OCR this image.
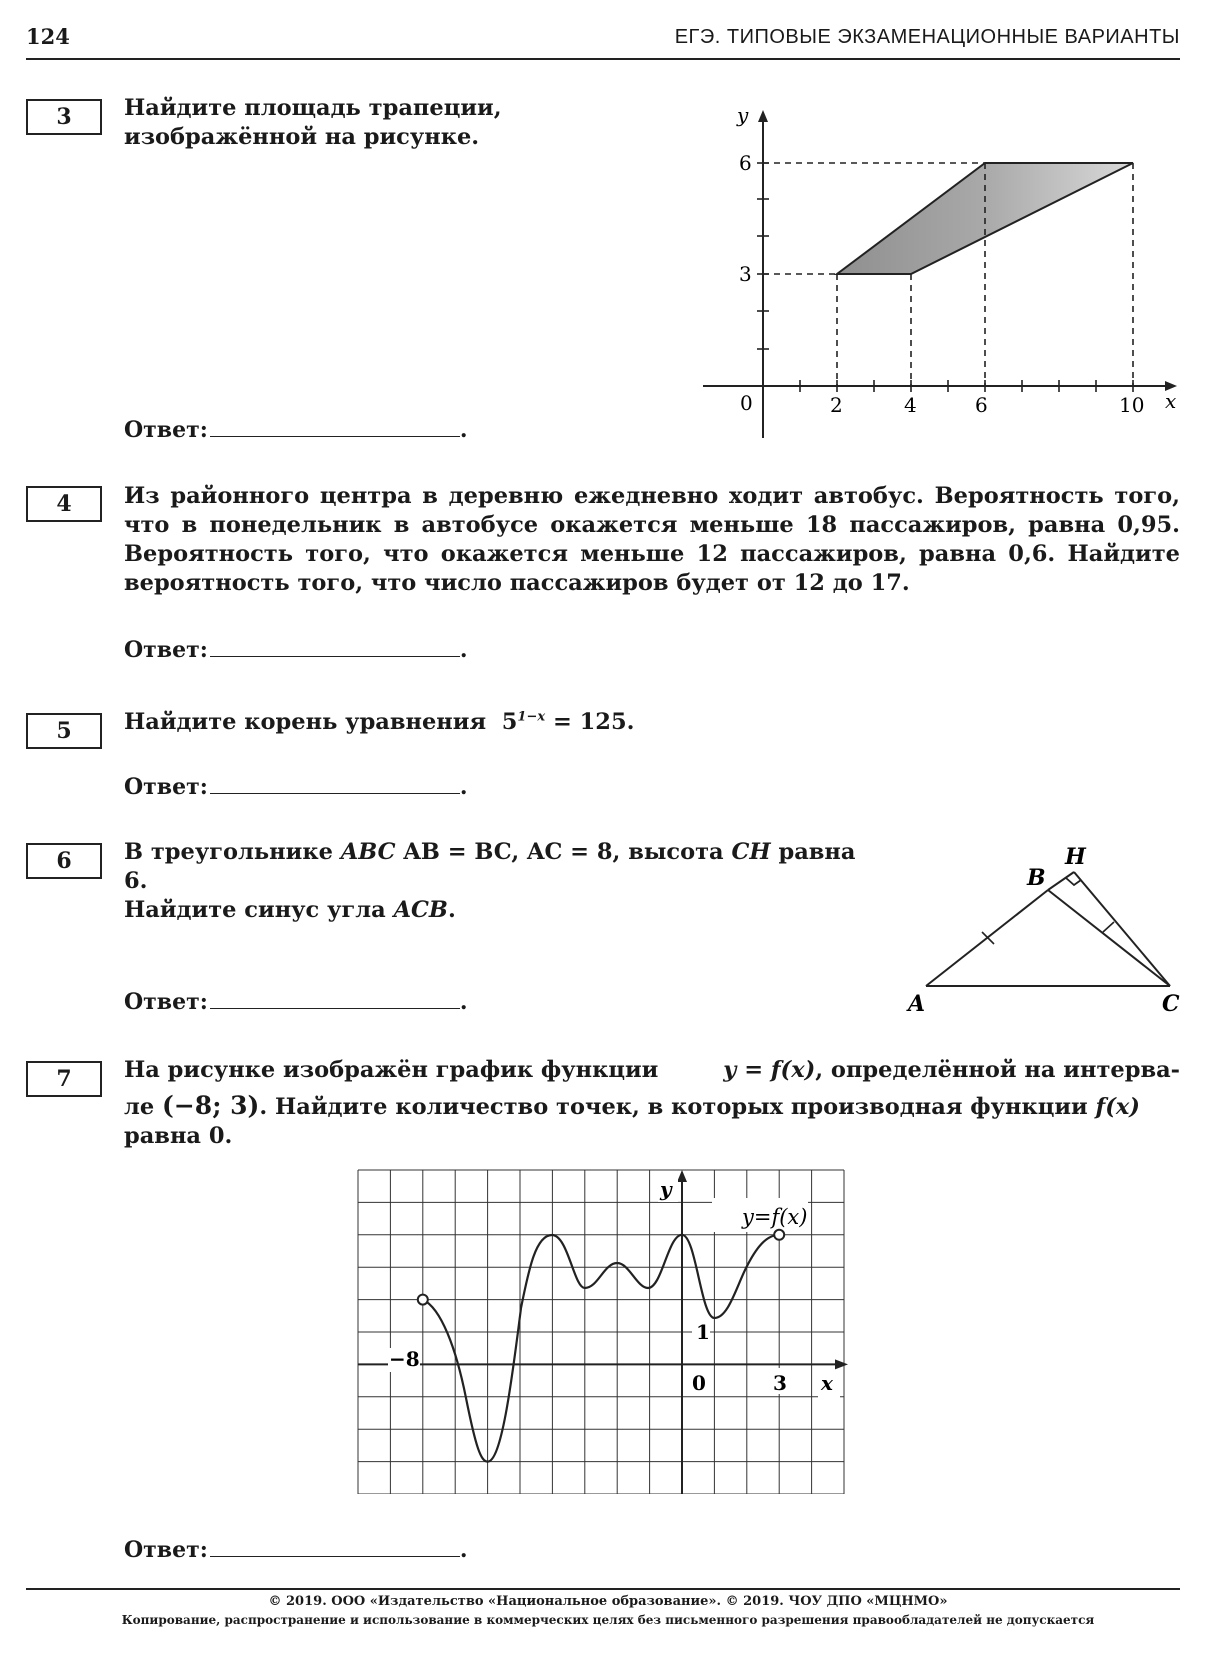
124	ЕГЭ. ТИПОВЫЕ ЭКЗАМЕНАЦИОННЫЕ ВАРИАНТЫ
3	Найдите площадь трапеции, изображённой на рисунке.
Ответ:	.
y
x
0	2	4	6	10
3
6
4	Из районного центра в деревню ежедневно ходит автобус. Вероятность того, что в понедельник в автобусе окажется меньше 18 пассажиров, равна 0,95. Вероятность того, что окажется меньше 12 пассажиров, равна 0,6. Найдите вероятность того, что число пассажиров будет от 12 до 17.
Ответ:	.
5	Найдите корень уравнения $5^{1-x} = 125$.
Ответ:	.
6	В треугольнике ABC AB = BC, AC = 8, высота CH равна 6.
Найдите синус угла ACB.
Ответ:	.	A
B
C
H
7	На рисунке изображён график функции	y = f(x), определённой на интерва-
ле (−8; 3). Найдите количество точек, в которых производная функции f(x) равна 0.
−8
0	3
1
x
y
y=f(x)
Ответ:	.
© 2019. ООО «Издательство «Национальное образование». © 2019. ЧОУ ДПО «МЦНМО»
Копирование, распространение и использование в коммерческих целях без письменного разрешения правообладателей не допускается
